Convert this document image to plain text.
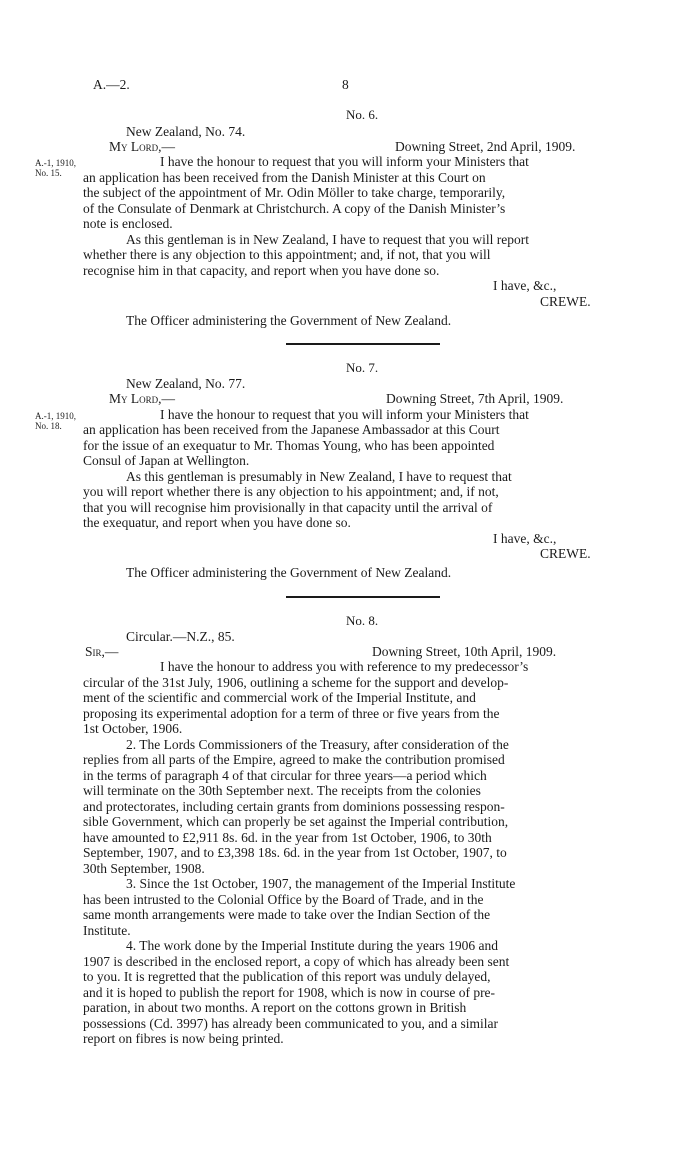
A.—2.	8
No. 6.
New Zealand, No. 74.
My Lord,—	Downing Street, 2nd April, 1909.
A.-1, 1910, No. 15.
I have the honour to request that you will inform your Ministers that
an application has been received from the Danish Minister at this Court on
the subject of the appointment of Mr. Odin Möller to take charge, temporarily,
of the Consulate of Denmark at Christchurch. A copy of the Danish Minister’s
note is enclosed.
As this gentleman is in New Zealand, I have to request that you will report
whether there is any objection to this appointment; and, if not, that you will
recognise him in that capacity, and report when you have done so.
I have, &c.,
CREWE.
The Officer administering the Government of New Zealand.
No. 7.
New Zealand, No. 77.
My Lord,—	Downing Street, 7th April, 1909.
A.-1, 1910, No. 18.
I have the honour to request that you will inform your Ministers that
an application has been received from the Japanese Ambassador at this Court
for the issue of an exequatur to Mr. Thomas Young, who has been appointed
Consul of Japan at Wellington.
As this gentleman is presumably in New Zealand, I have to request that
you will report whether there is any objection to his appointment; and, if not,
that you will recognise him provisionally in that capacity until the arrival of
the exequatur, and report when you have done so.
I have, &c.,
CREWE.
The Officer administering the Government of New Zealand.
No. 8.
Circular.—N.Z., 85.
Sir,—	Downing Street, 10th April, 1909.
I have the honour to address you with reference to my predecessor’s
circular of the 31st July, 1906, outlining a scheme for the support and develop-
ment of the scientific and commercial work of the Imperial Institute, and
proposing its experimental adoption for a term of three or five years from the
1st October, 1906.
2. The Lords Commissioners of the Treasury, after consideration of the
replies from all parts of the Empire, agreed to make the contribution promised
in the terms of paragraph 4 of that circular for three years—a period which
will terminate on the 30th September next. The receipts from the colonies
and protectorates, including certain grants from dominions possessing respon-
sible Government, which can properly be set against the Imperial contribution,
have amounted to £2,911 8s. 6d. in the year from 1st October, 1906, to 30th
September, 1907, and to £3,398 18s. 6d. in the year from 1st October, 1907, to
30th September, 1908.
3. Since the 1st October, 1907, the management of the Imperial Institute
has been intrusted to the Colonial Office by the Board of Trade, and in the
same month arrangements were made to take over the Indian Section of the
Institute.
4. The work done by the Imperial Institute during the years 1906 and
1907 is described in the enclosed report, a copy of which has already been sent
to you. It is regretted that the publication of this report was unduly delayed,
and it is hoped to publish the report for 1908, which is now in course of pre-
paration, in about two months. A report on the cottons grown in British
possessions (Cd. 3997) has already been communicated to you, and a similar
report on fibres is now being printed.
